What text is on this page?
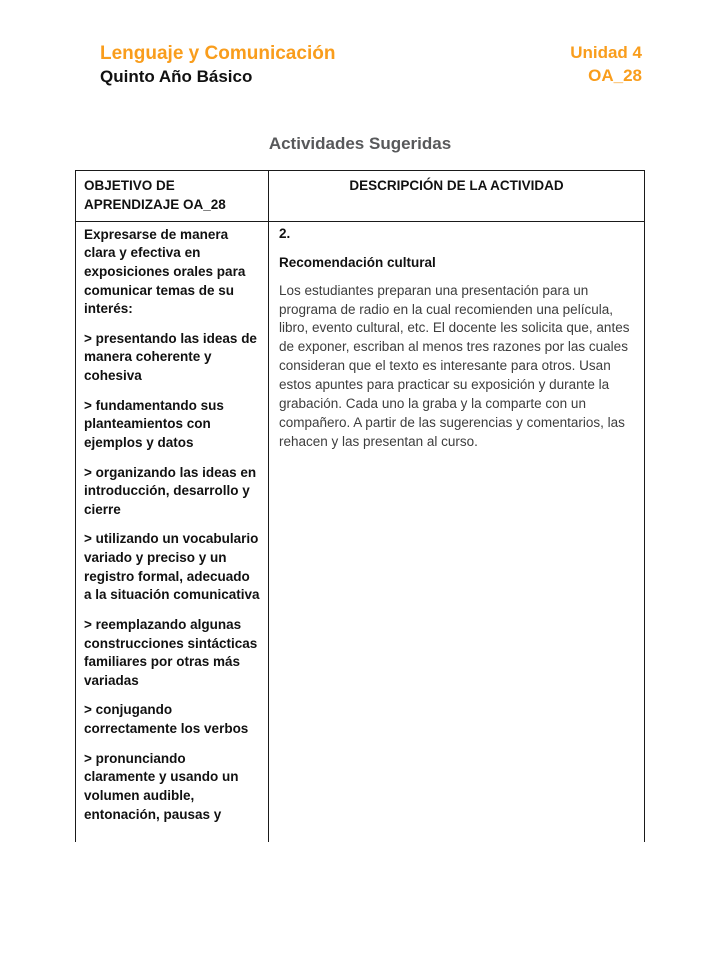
Lenguaje y Comunicación
Quinto Año Básico
Unidad 4
OA_28
Actividades Sugeridas
OBJETIVO DE APRENDIZAJE OA_28
DESCRIPCIÓN DE LA ACTIVIDAD

Expresarse de manera clara y efectiva en exposiciones orales para comunicar temas de su interés:

> presentando las ideas de manera coherente y cohesiva

> fundamentando sus planteamientos con ejemplos y datos

> organizando las ideas en introducción, desarrollo y cierre

> utilizando un vocabulario variado y preciso y un registro formal, adecuado a la situación comunicativa

> reemplazando algunas construcciones sintácticas familiares por otras más variadas

> conjugando correctamente los verbos

> pronunciando claramente y usando un volumen audible, entonación, pausas y

2.
Recomendación cultural
Los estudiantes preparan una presentación para un programa de radio en la cual recomienden una película, libro, evento cultural, etc. El docente les solicita que, antes de exponer, escriban al menos tres razones por las cuales consideran que el texto es interesante para otros. Usan estos apuntes para practicar su exposición y durante la grabación. Cada uno la graba y la comparte con un compañero. A partir de las sugerencias y comentarios, las rehacen y las presentan al curso.
